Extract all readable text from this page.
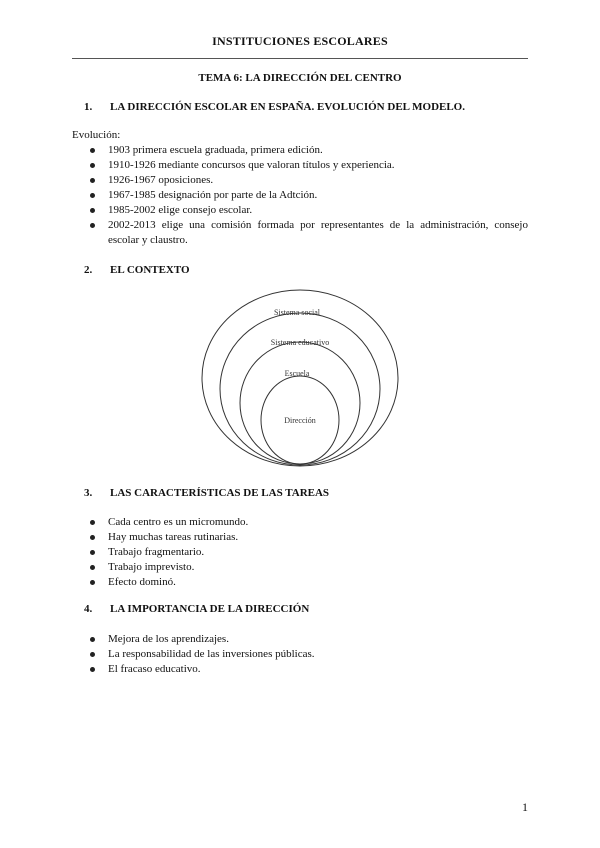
INSTITUCIONES ESCOLARES
TEMA 6: LA DIRECCIÓN DEL CENTRO
1.	LA DIRECCIÓN ESCOLAR EN ESPAÑA. EVOLUCIÓN DEL MODELO.
Evolución:
1903 primera escuela graduada, primera edición.
1910-1926 mediante concursos que valoran títulos y experiencia.
1926-1967 oposiciones.
1967-1985 designación por parte de la Adtción.
1985-2002 elige consejo escolar.
2002-2013 elige una comisión formada por representantes de la administración, consejo escolar y claustro.
2.	EL CONTEXTO
Sistema social
Sistema educativo
Escuela
Dirección
3.	LAS CARACTERÍSTICAS DE LAS TAREAS
Cada centro es un micromundo.
Hay muchas tareas rutinarias.
Trabajo fragmentario.
Trabajo imprevisto.
Efecto dominó.
4.	LA IMPORTANCIA DE LA DIRECCIÓN
Mejora de los aprendizajes.
La responsabilidad de las inversiones públicas.
El fracaso educativo.
1
